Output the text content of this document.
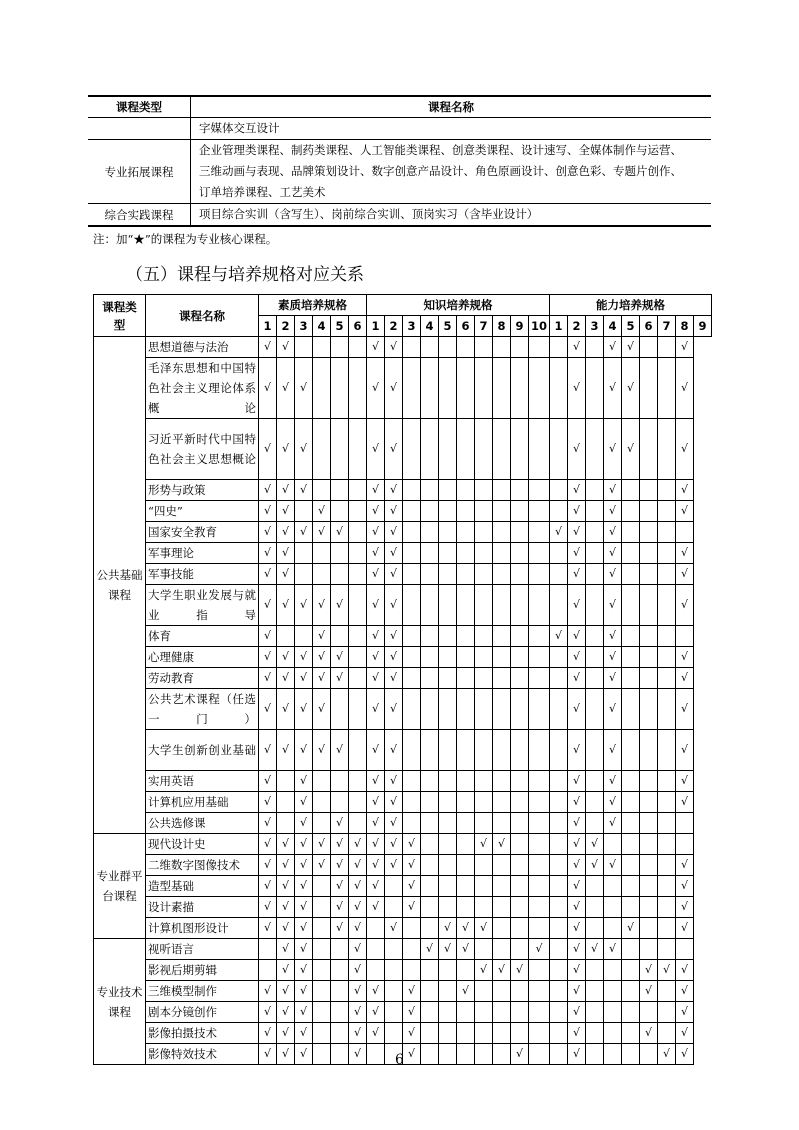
课程类型	课程名称

	字媒体交互设计

专业拓展课程	企业管理类课程、制药类课程、人工智能类课程、创意类课程、设计速写、全媒体制作与运营、
三维动画与表现、品牌策划设计、数字创意产品设计、角色原画设计、创意色彩、专题片创作、
订单培养课程、工艺美术

综合实践课程	项目综合实训（含写生）、岗前综合实训、顶岗实习（含毕业设计）
注：加“★”的课程为专业核心课程。
（五）课程与培养规格对应关系
课程类型	课程名称	素质培养规格						知识培养规格										能力培养规格								
		1	2	3	4	5	6	1	2	3	4	5	6	7	8	9	10	1	2	3	4	5	6	7	8	9
公共基础课程	思想道德与法治	√	√					√	√										√		√	√			√	
	毛泽东思想和中国特色社会主义理论体系概论	√	√	√				√	√										√		√	√			√	
	习近平新时代中国特色社会主义思想概论	√	√	√				√	√										√		√	√			√	
	形势与政策	√	√	√				√	√										√		√				√	
	“四史”	√	√		√			√	√										√		√				√	
	国家安全教育	√	√	√	√	√		√	√									√	√		√					
	军事理论	√	√					√	√										√		√				√	
	军事技能	√	√					√	√										√		√				√	
	大学生职业发展与就业指导	√	√	√	√	√		√	√										√		√				√	
	体育	√			√			√	√									√	√		√					
	心理健康	√	√	√	√	√		√	√										√		√				√	
	劳动教育	√	√	√	√	√		√	√										√		√				√	
	公共艺术课程（任选一门）	√	√	√	√			√	√										√		√				√	
	大学生创新创业基础	√	√	√	√	√		√	√										√		√				√	
	实用英语	√		√				√	√										√		√				√	
	计算机应用基础	√		√				√	√										√		√				√	
	公共选修课	√		√		√		√	√										√		√					
专业群平台课程	现代设计史	√	√	√	√	√	√	√	√	√				√	√				√	√						
	二维数字图像技术	√	√	√	√	√	√	√	√	√									√	√	√				√	
	造型基础	√	√	√		√	√	√		√									√						√	
	设计素描	√	√	√		√	√	√		√									√						√	
	计算机图形设计	√	√	√		√	√		√			√	√	√					√			√			√	
专业技术课程	视听语言		√	√			√				√	√	√				√		√	√	√					
	影视后期剪辑		√	√			√							√	√	√			√				√	√	√	
	三维模型制作	√	√	√			√	√		√			√						√				√		√	
	剧本分镜创作	√	√	√			√	√		√									√						√	
	影像拍摄技术	√	√	√			√	√		√									√				√		√	
	影像特效技术	√	√	√			√			√						√			√					√	√	
6
